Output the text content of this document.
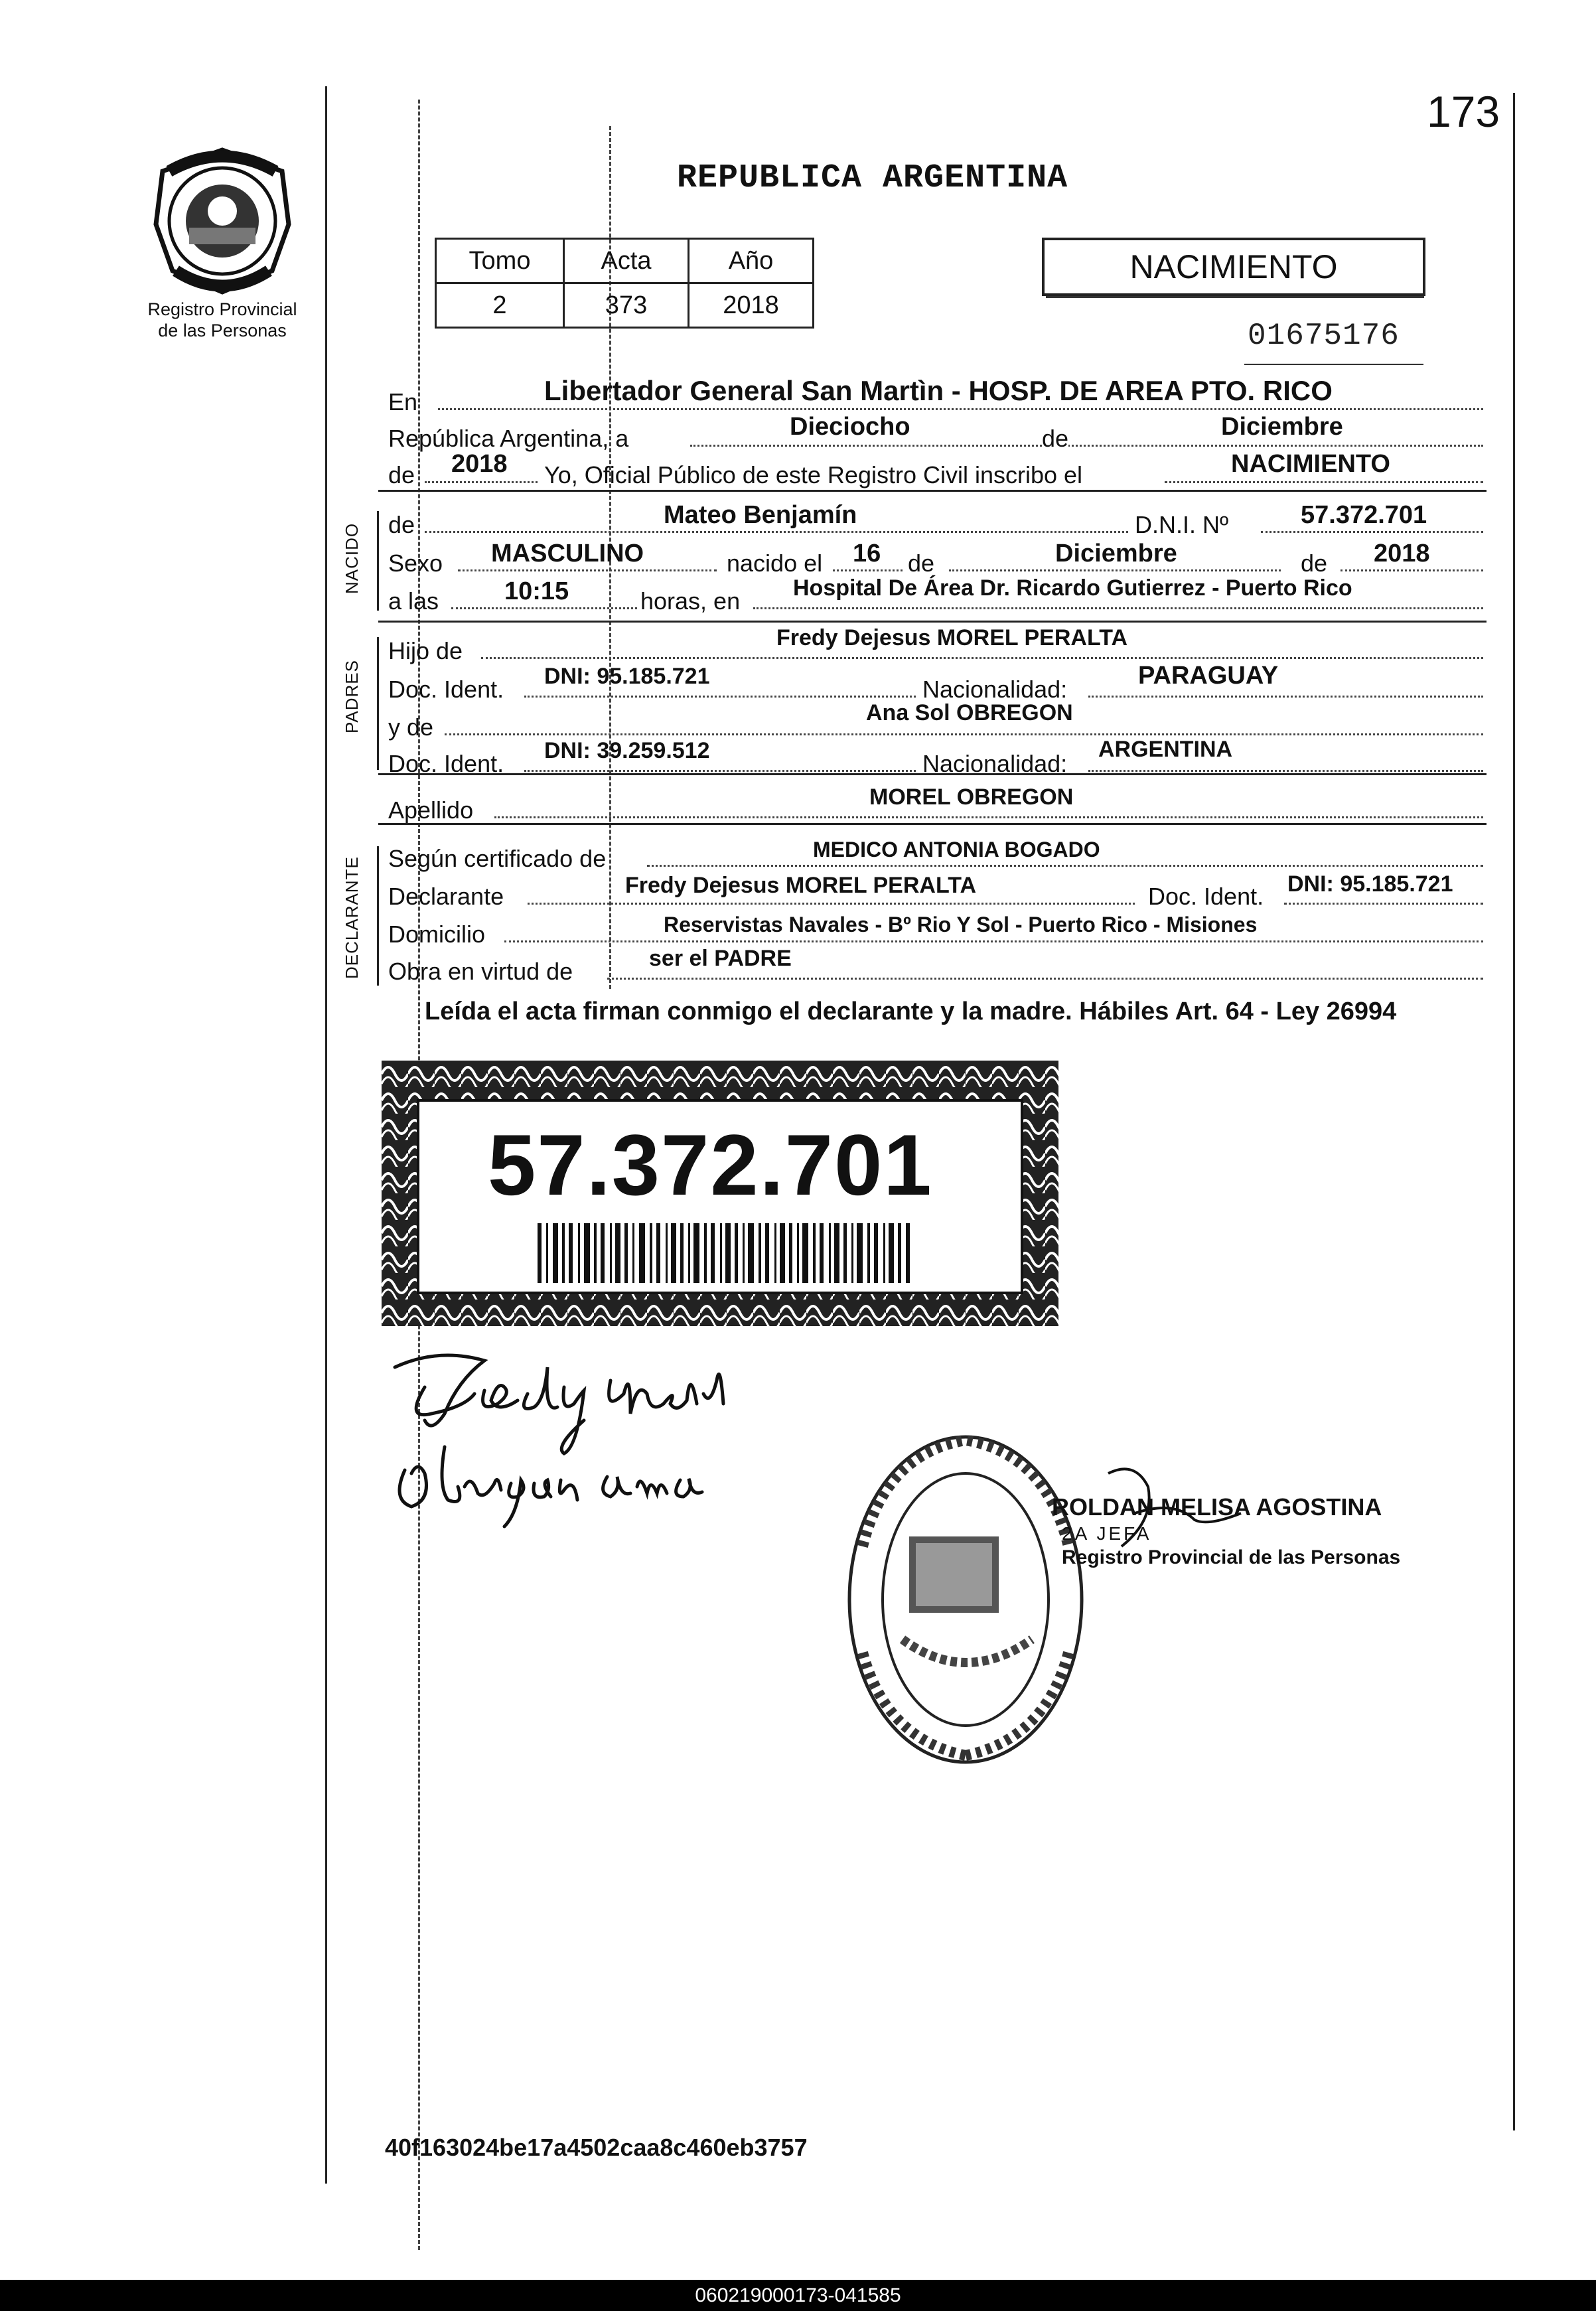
Registro Provincial
de las Personas
173
REPUBLICA ARGENTINA
Tomo	Acta	Año
2	373	2018
NACIMIENTO
01675176
En	Libertador General San Martìn - HOSP. DE AREA PTO. RICO
República Argentina, a	Dieciocho	de	Diciembre
de 2018 Yo, Oficial Público de este Registro Civil inscribo el	NACIMIENTO
NACIDO de	Mateo Benjamín	D.N.I. Nº	57.372.701
Sexo MASCULINO	nacido el 16 de	Diciembre	de 2018
a las	10:15	horas, en Hospital De Área Dr. Ricardo Gutierrez - Puerto Rico
PADRES
Hijo de	Fredy Dejesus MOREL PERALTA
Doc. Ident. DNI: 95.185.721	Nacionalidad:	PARAGUAY
y de
Ana Sol OBREGON
Doc. Ident. DNI: 39.259.512	Nacionalidad:
ARGENTINA
Apellido	MOREL OBREGON
DECLARANTE Según certificado de	MEDICO ANTONIA BOGADO
Declarante	Fredy Dejesus MOREL PERALTA	Doc. Ident. DNI: 95.185.721
Domicilio	Reservistas Navales - Bº Rio Y Sol - Puerto Rico - Misiones
Obra en virtud de	ser el PADRE
Leída el acta firman conmigo el declarante y la madre. Hábiles Art. 64 - Ley 26994
57.372.701
ROLDAN MELISA AGOSTINA
2A JEFA
Registro Provincial de las Personas
40f163024be17a4502caa8c460eb3757
060219000173-041585
